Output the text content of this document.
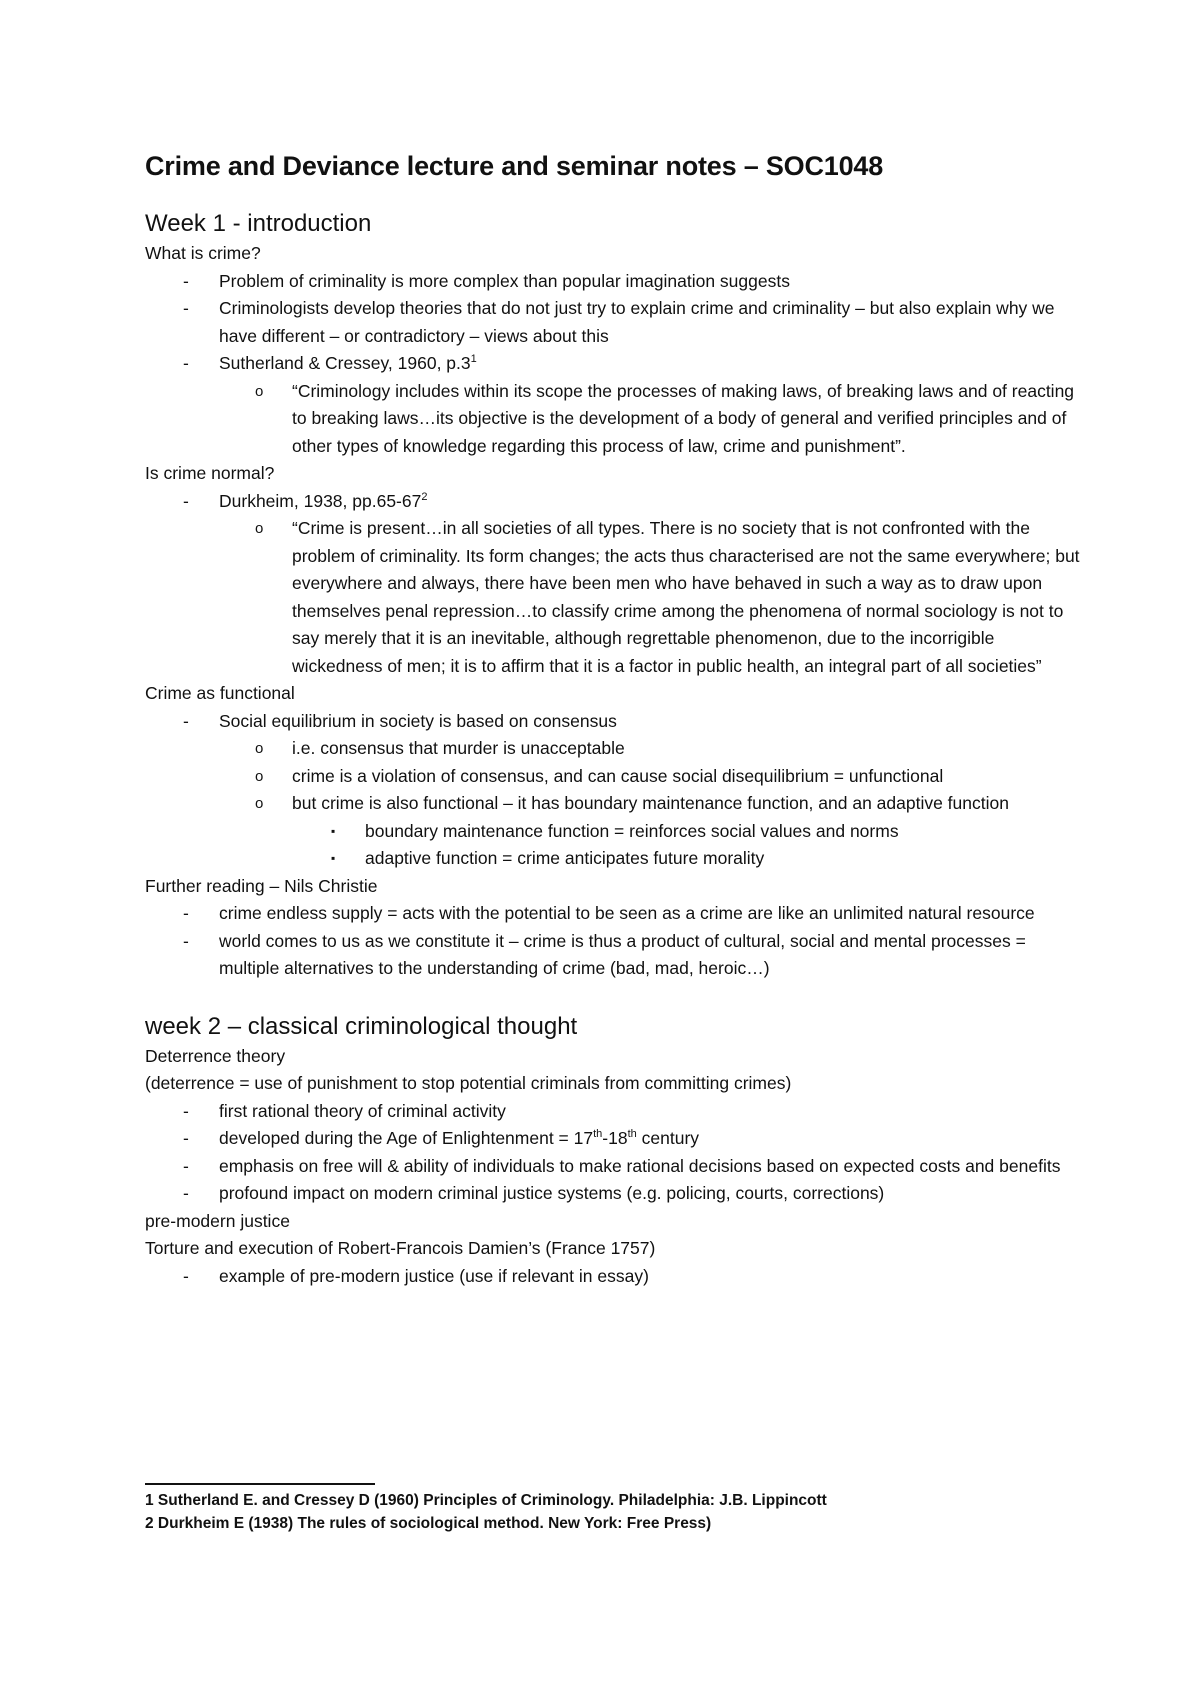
Crime and Deviance lecture and seminar notes – SOC1048
Week 1 - introduction

What is crime?

- Problem of criminality is more complex than popular imagination suggests
- Criminologists develop theories that do not just try to explain crime and criminality – but also explain why we have different – or contradictory – views about this
- Sutherland & Cressey, 1960, $p.3^1$
o “Criminology includes within its scope the processes of making laws, of breaking laws and of reacting to breaking laws…its objective is the development of a body of general and verified principles and of other types of knowledge regarding this process of law, crime and punishment”.

Is crime normal?

- Durkheim, 1938, $pp.65-67^2$
o “Crime is present…in all societies of all types. There is no society that is not confronted with the problem of criminality. Its form changes; the acts thus characterised are not the same everywhere; but everywhere and always, there have been men who have behaved in such a way as to draw upon themselves penal repression…to classify crime among the phenomena of normal sociology is not to say merely that it is an inevitable, although regrettable phenomenon, due to the incorrigible wickedness of men; it is to affirm that it is a factor in public health, an integral part of all societies”

Crime as functional

- Social equilibrium in society is based on consensus
o i.e. consensus that murder is unacceptable
o crime is a violation of consensus, and can cause social disequilibrium = unfunctional
o but crime is also functional – it has boundary maintenance function, and an adaptive function
▪ boundary maintenance function = reinforces social values and norms
▪ adaptive function = crime anticipates future morality

Further reading – Nils Christie

- crime endless supply = acts with the potential to be seen as a crime are like an unlimited natural resource
- world comes to us as we constitute it – crime is thus a product of cultural, social and mental processes = multiple alternatives to the understanding of crime (bad, mad, heroic…)
week 2 – classical criminological thought

Deterrence theory

(deterrence = use of punishment to stop potential criminals from committing crimes)

- first rational theory of criminal activity
- developed during the Age of Enlightenment = 17th-18th century
- emphasis on free will & ability of individuals to make rational decisions based on expected costs and benefits
- profound impact on modern criminal justice systems (e.g. policing, courts, corrections)

pre-modern justice

Torture and execution of Robert-Francois Damien’s (France 1757)

- example of pre-modern justice (use if relevant in essay)

1 Sutherland E. and Cressey D (1960) Principles of Criminology. Philadelphia: J.B. Lippincott

2 Durkheim E (1938) The rules of sociological method. New York: Free Press)
